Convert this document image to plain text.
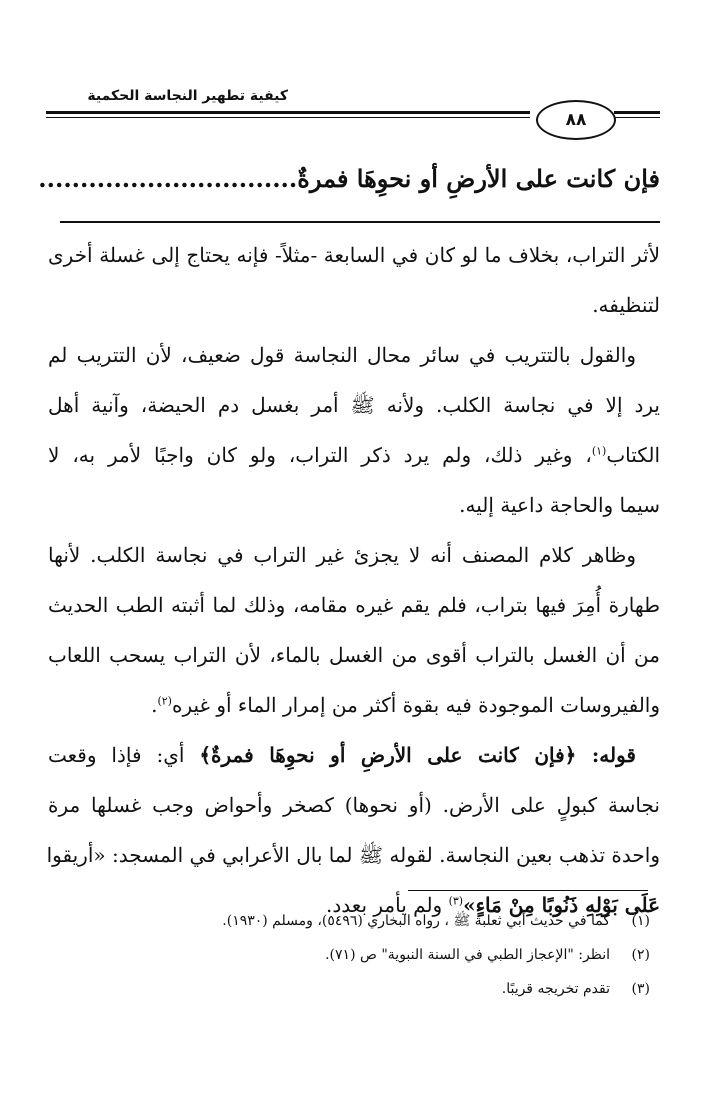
كيفية تطهير النجاسة الحكمية
٨٨
فإن كانت على الأرضِ أو نحوِهَا فمرةٌ...............................
لأثر التراب، بخلاف ما لو كان في السابعة -مثلاً- فإنه يحتاج إلى غسلة أخرى
لتنظيفه.
والقول بالتتريب في سائر محال النجاسة قول ضعيف، لأن التتريب لم
يرد إلا في نجاسة الكلب. ولأنه ﷺ أمر بغسل دم الحيضة، وآنية أهل
الكتاب$^{(١)}$، وغير ذلك، ولم يرد ذكر التراب، ولو كان واجبًا لأمر به، لا
سيما والحاجة داعية إليه.
وظاهر كلام المصنف أنه لا يجزئ غير التراب في نجاسة الكلب. لأنها
طهارة أُمِرَ فيها بتراب، فلم يقم غيره مقامه، وذلك لما أثبته الطب الحديث
من أن الغسل بالتراب أقوى من الغسل بالماء، لأن التراب يسحب اللعاب
والفيروسات الموجودة فيه بقوة أكثر من إمرار الماء أو غيره$^{(٢)}$.
قوله: ﴿فإن كانت على الأرضِ أو نحوِهَا فمرةٌ﴾ أي: فإذا وقعت
نجاسة كبولٍ على الأرض. (أو نحوها) كصخر وأحواض وجب غسلها مرة
واحدة تذهب بعين النجاسة. لقوله ﷺ لما بال الأعرابي في المسجد: «أريقوا
عَلَى بَوْلِهِ ذَنُوبًا مِنْ مَاءٍ»$^{(٣)}$ ولم يأمر بعدد.
(١)كما في حديث أبي ثعلبة ﷺ ، رواه البخاري (٥٤٩٦)، ومسلم (١٩٣٠).
(٢)انظر: "الإعجاز الطبي في السنة النبوية" ص (٧١).
(٣)تقدم تخريجه قريبًا.
